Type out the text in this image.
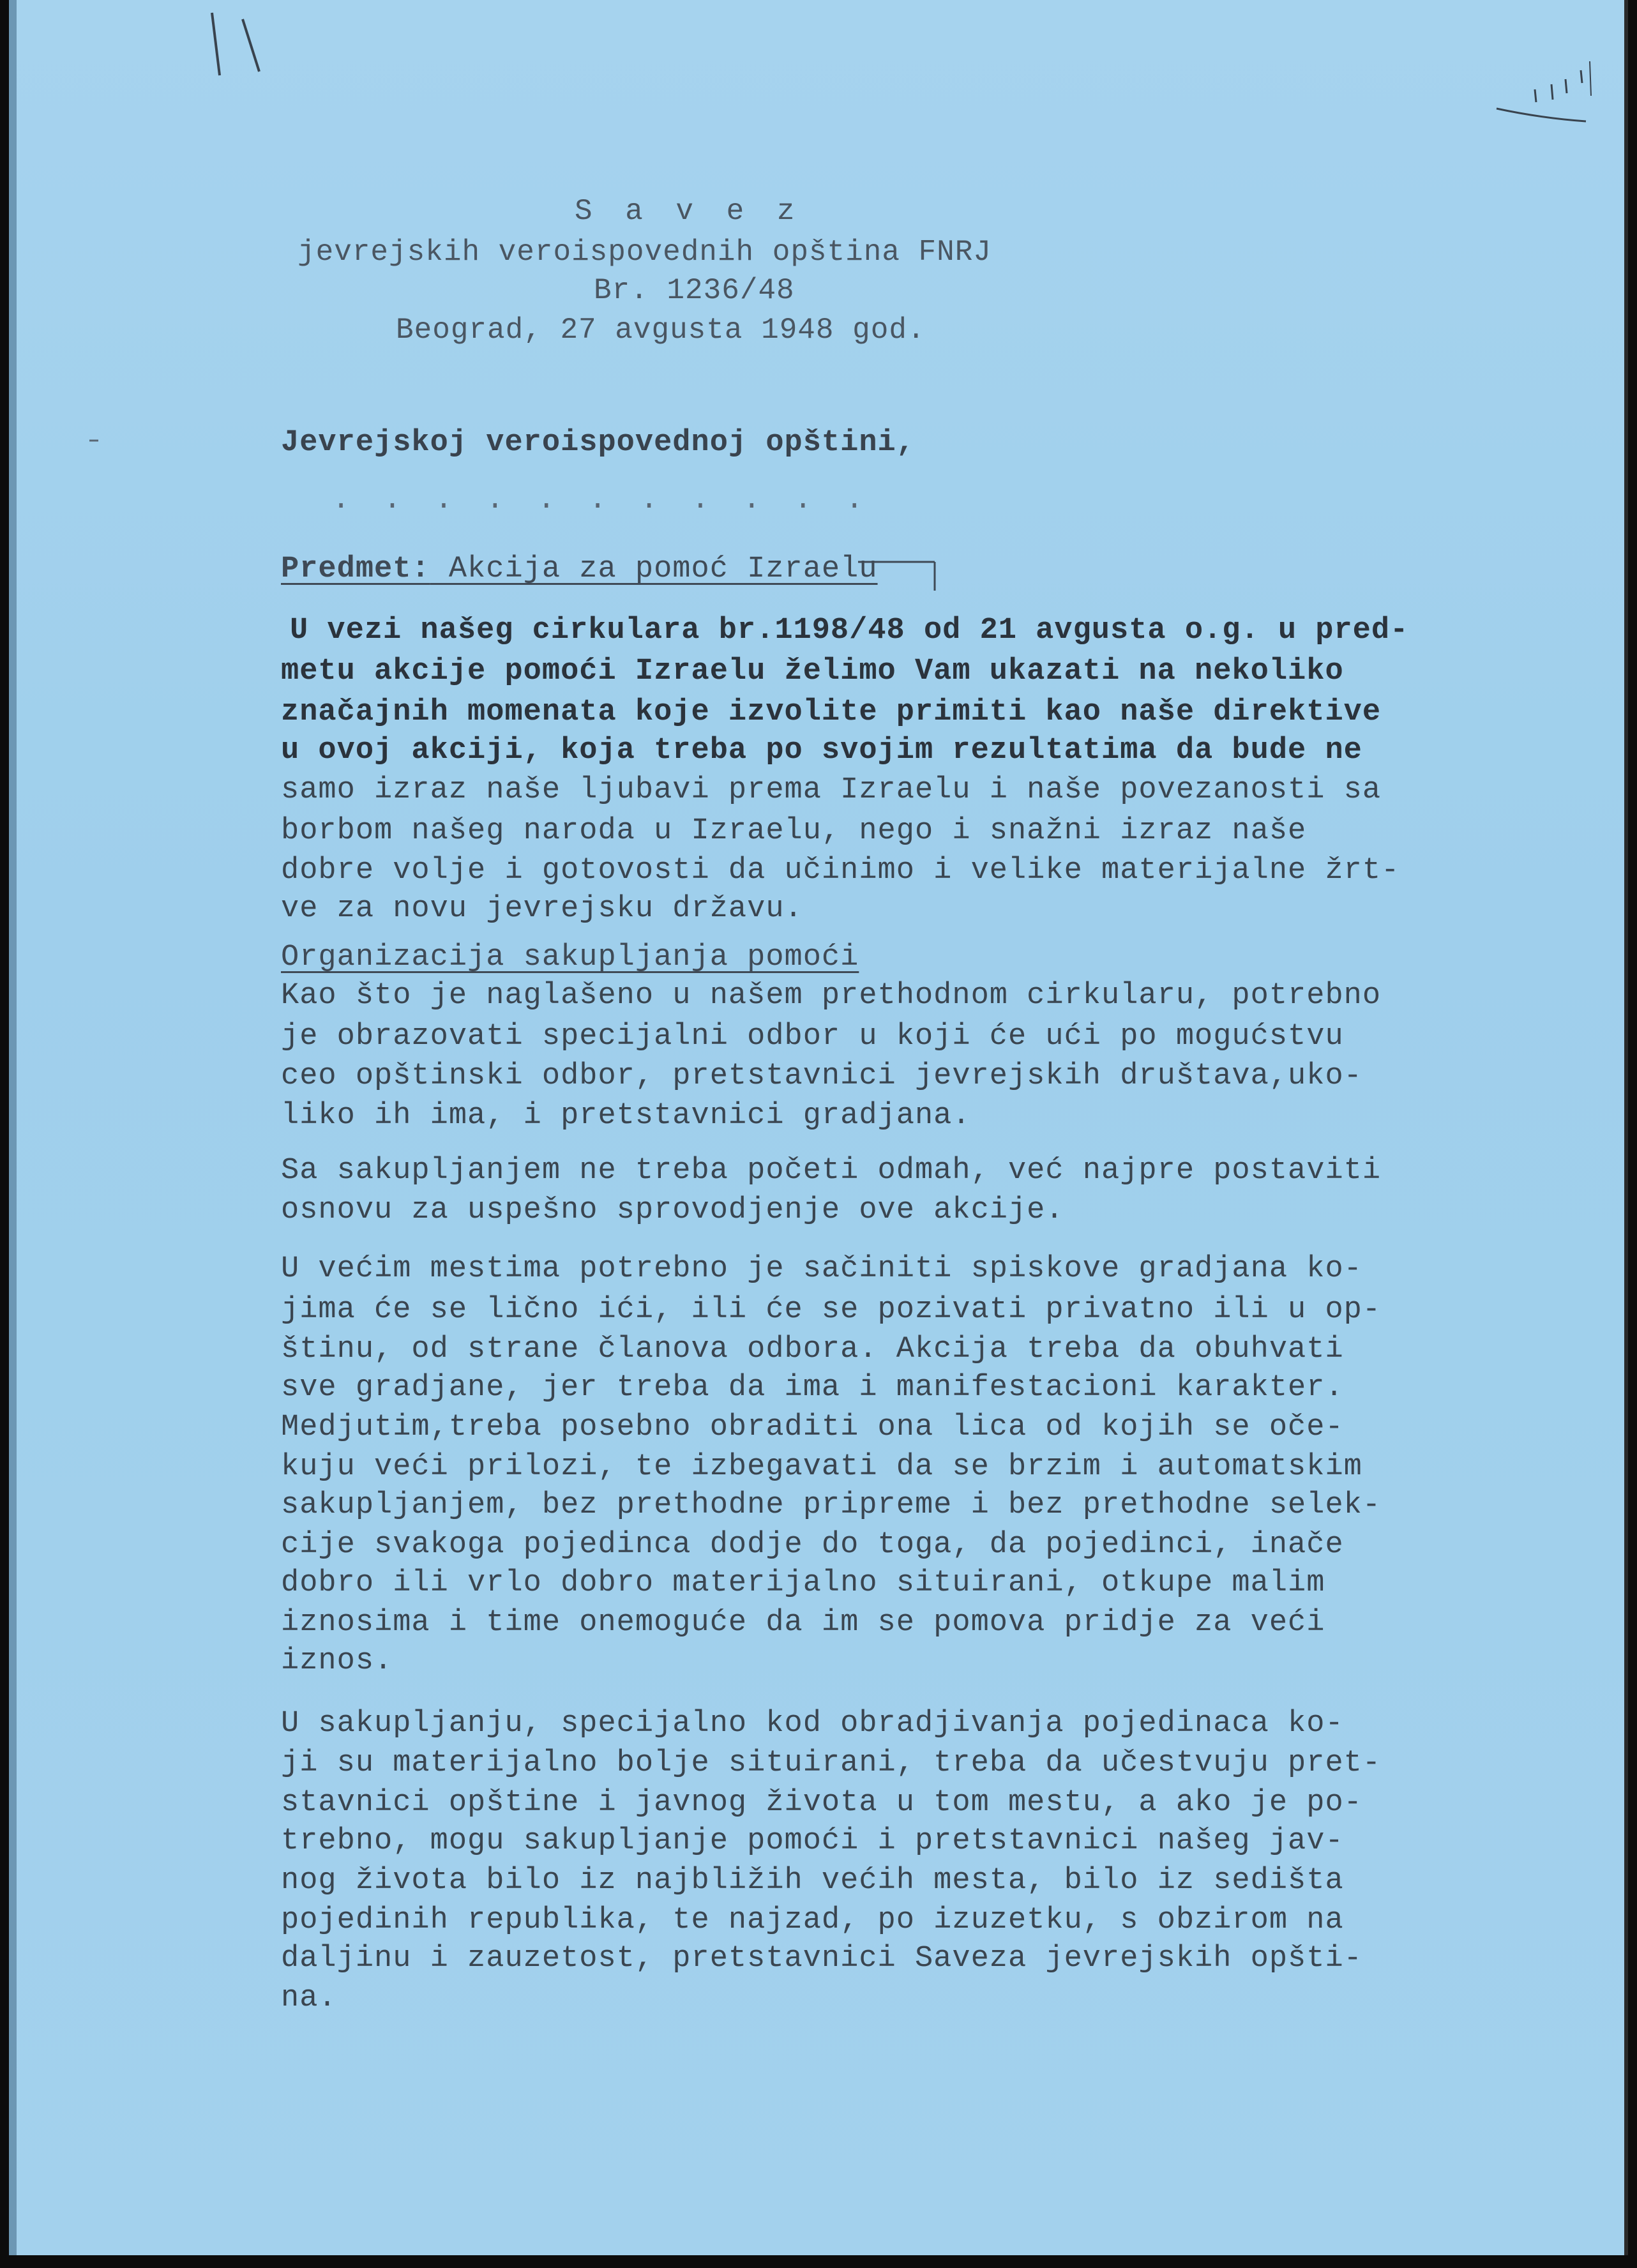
S a v e z
jevrejskih veroispovednih opština FNRJ
Br. 1236/48
Beograd, 27 avgusta 1948 god.
Jevrejskoj veroispovednoj opštini,
. . . . . . . . . . .
Predmet: Akcija za pomoć Izraelu
U vezi našeg cirkulara br.1198/48 od 21 avgusta o.g. u pred-
metu akcije pomoći Izraelu želimo Vam ukazati na nekoliko
značajnih momenata koje izvolite primiti kao naše direktive
u ovoj akciji, koja treba po svojim rezultatima da bude ne
samo izraz naše ljubavi prema Izraelu i naše povezanosti sa
borbom našeg naroda u Izraelu, nego i snažni izraz naše
dobre volje i gotovosti da učinimo i velike materijalne žrt-
ve za novu jevrejsku državu.
Organizacija sakupljanja pomoći
Kao što je naglašeno u našem prethodnom cirkularu, potrebno
je obrazovati specijalni odbor u koji će ući po mogućstvu
ceo opštinski odbor, pretstavnici jevrejskih društava,uko-
liko ih ima, i pretstavnici gradjana.
Sa sakupljanjem ne treba početi odmah, već najpre postaviti
osnovu za uspešno sprovodjenje ove akcije.
U većim mestima potrebno je sačiniti spiskove gradjana ko-
jima će se lično ići, ili će se pozivati privatno ili u op-
štinu, od strane članova odbora. Akcija treba da obuhvati
sve gradjane, jer treba da ima i manifestacioni karakter.
Medjutim,treba posebno obraditi ona lica od kojih se oče-
kuju veći prilozi, te izbegavati da se brzim i automatskim
sakupljanjem, bez prethodne pripreme i bez prethodne selek-
cije svakoga pojedinca dodje do toga, da pojedinci, inače
dobro ili vrlo dobro materijalno situirani, otkupe malim
iznosima i time onemoguće da im se pomova pridje za veći
iznos.
U sakupljanju, specijalno kod obradjivanja pojedinaca ko-
ji su materijalno bolje situirani, treba da učestvuju pret-
stavnici opštine i javnog života u tom mestu, a ako je po-
trebno, mogu sakupljanje pomoći i pretstavnici našeg jav-
nog života bilo iz najbližih većih mesta, bilo iz sedišta
pojedinih republika, te najzad, po izuzetku, s obzirom na
daljinu i zauzetost, pretstavnici Saveza jevrejskih opšti-
na.
